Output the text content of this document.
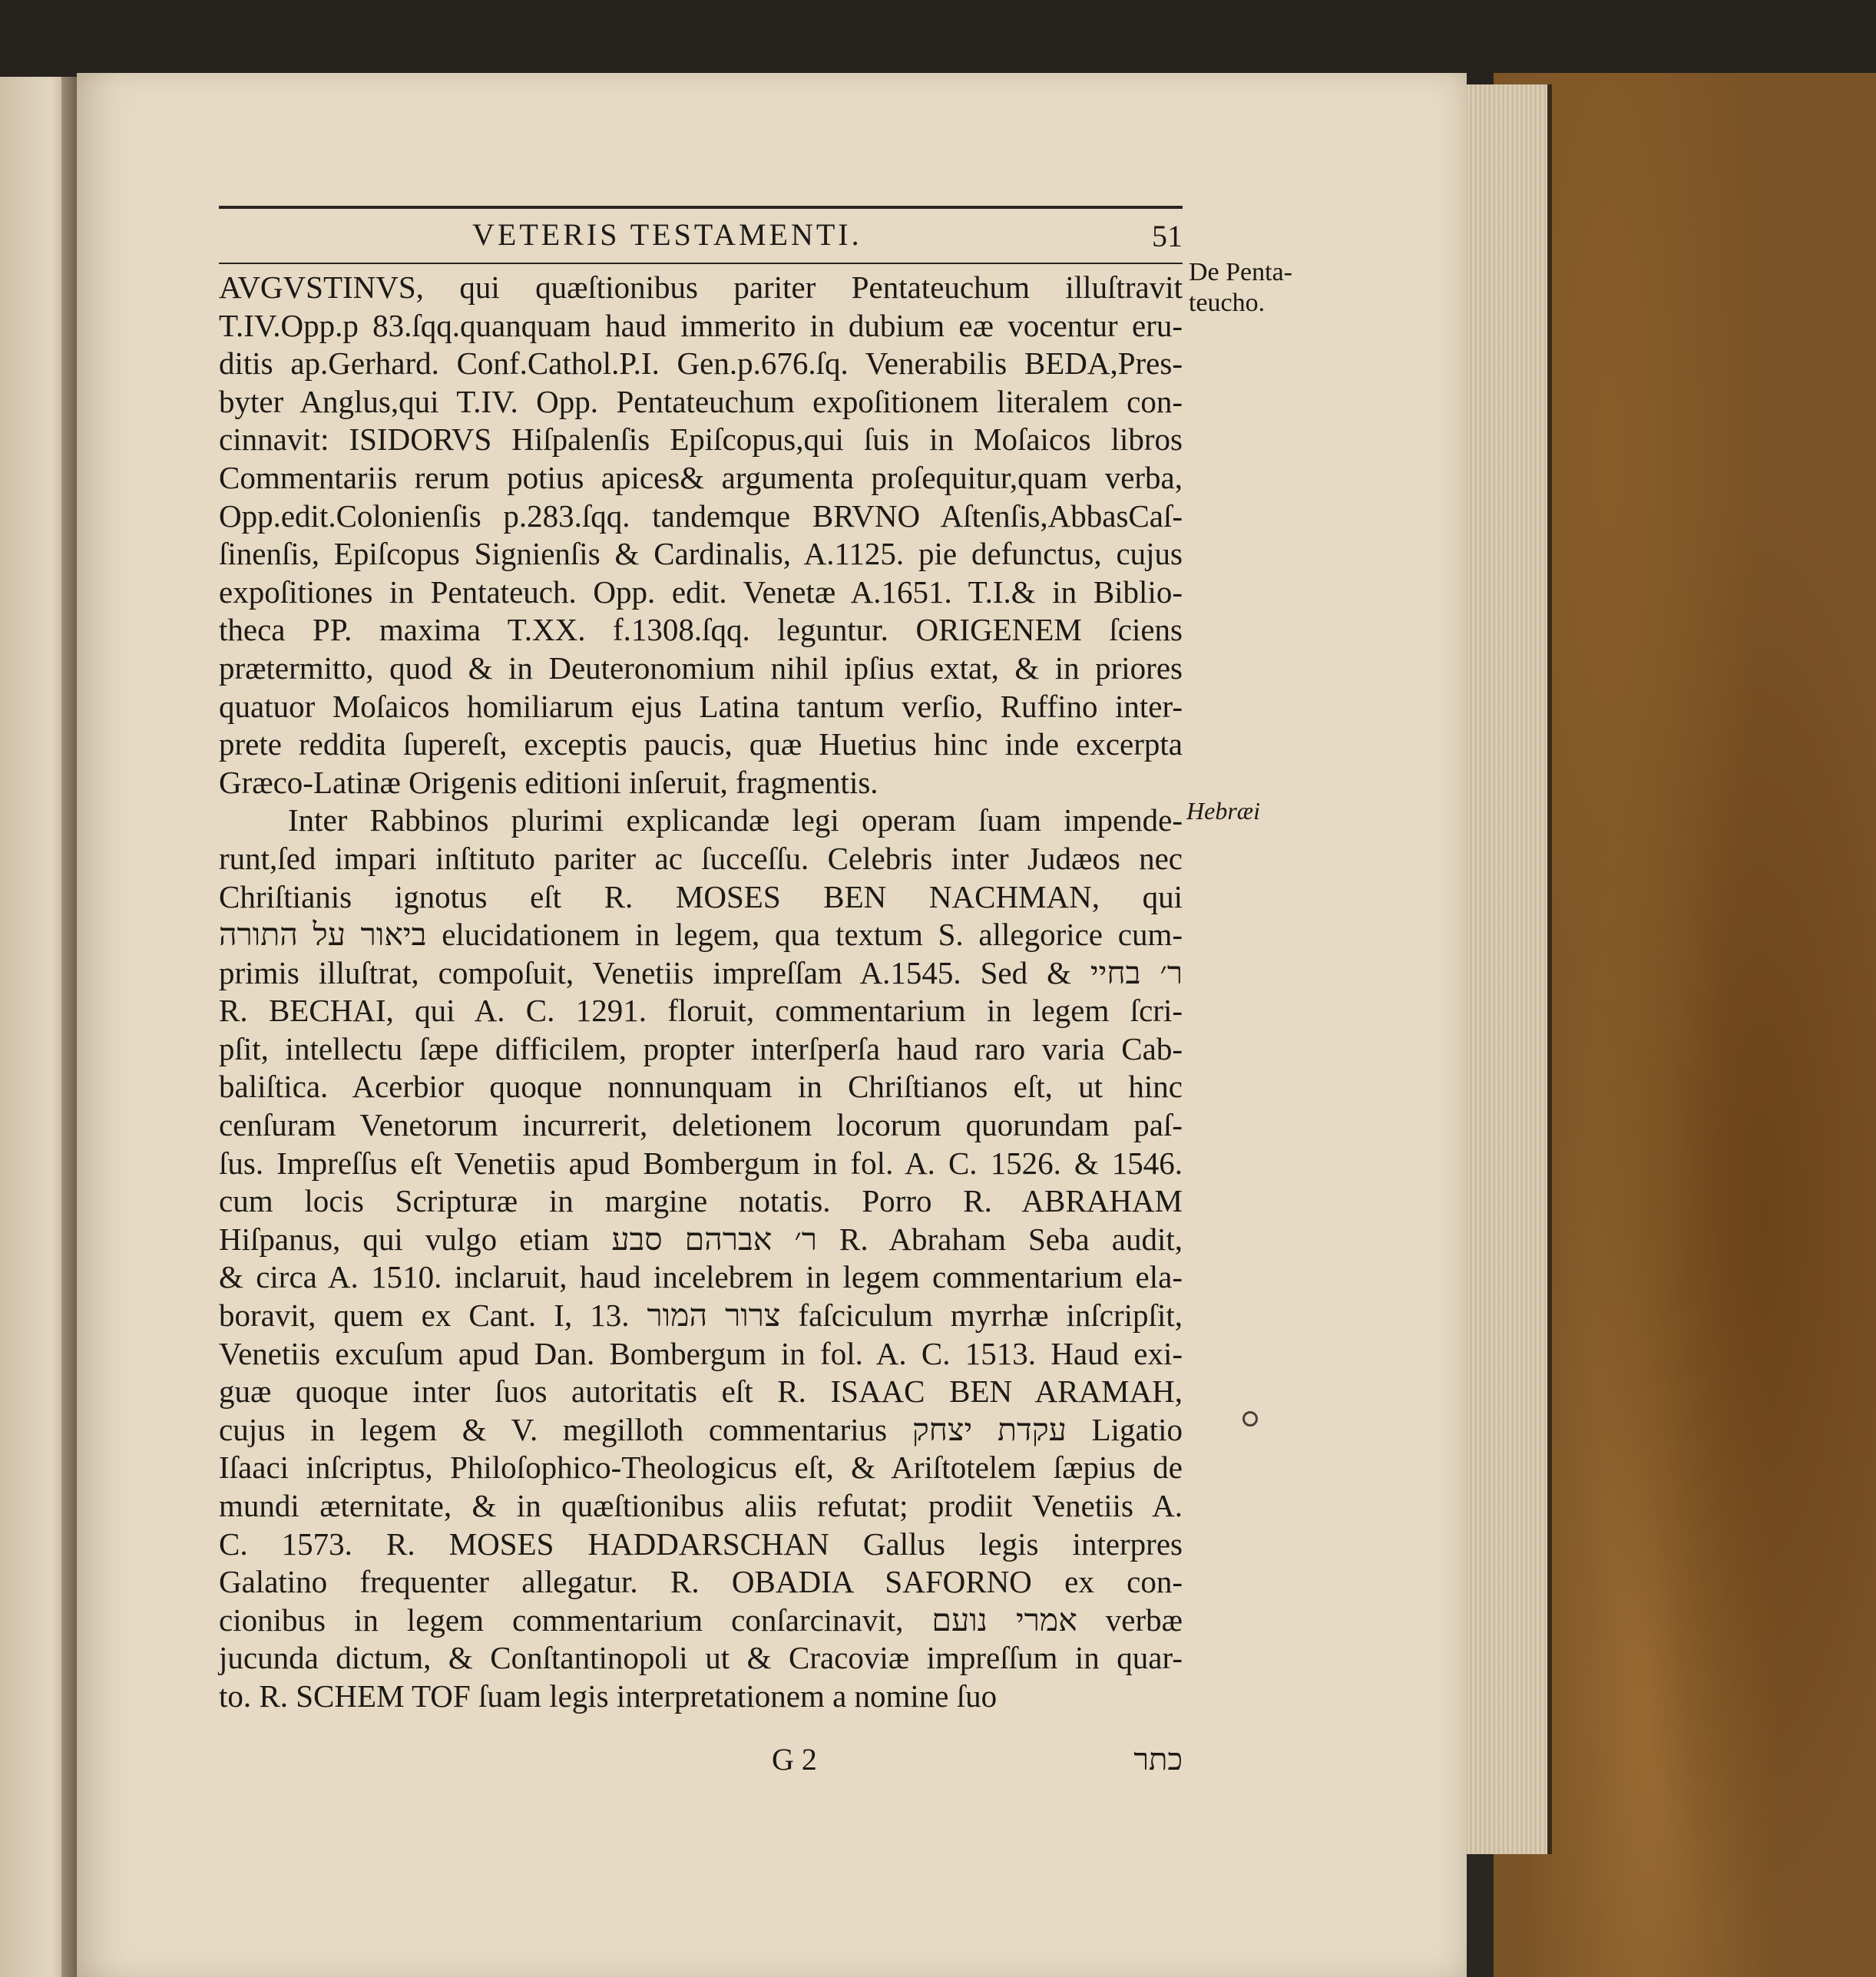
VETERIS TESTAMENTI.	51
De Penta-
teucho.
Hebræi
AVGVSTINVS, qui quæſtionibus pariter Pentateuchum illuſtravit
T.IV.Opp.p 83.ſqq.quanquam haud immerito in dubium eæ vocentur eru-
ditis ap.Gerhard. Conf.Cathol.P.I. Gen.p.676.ſq. Venerabilis BEDA,Pres-
byter Anglus,qui T.IV. Opp. Pentateuchum expoſitionem literalem con-
cinnavit: ISIDORVS Hiſpalenſis Epiſcopus,qui ſuis in Moſaicos libros
Commentariis rerum potius apices& argumenta proſequitur,quam verba,
Opp.edit.Colonienſis p.283.ſqq. tandemque BRVNO Aſtenſis,AbbasCaſ-
ſinenſis, Epiſcopus Signienſis & Cardinalis, A.1125. pie defunctus, cujus
expoſitiones in Pentateuch. Opp. edit. Venetæ A.1651. T.I.& in Biblio-
theca PP. maxima T.XX. f.1308.ſqq. leguntur. ORIGENEM ſciens
prætermitto, quod & in Deuteronomium nihil ipſius extat, & in priores
quatuor Moſaicos homiliarum ejus Latina tantum verſio, Ruffino inter-
prete reddita ſupereſt, exceptis paucis, quæ Huetius hinc inde excerpta
Græco-Latinæ Origenis editioni inſeruit, fragmentis.
Inter Rabbinos plurimi explicandæ legi operam ſuam impende-
runt,ſed impari inſtituto pariter ac ſucceſſu. Celebris inter Judæos nec
Chriſtianis ignotus eſt R. MOSES BEN NACHMAN, qui
ביאור על התורה elucidationem in legem, qua textum S. allegorice cum-
primis illuſtrat, compoſuit, Venetiis impreſſam A.1545. Sed & ר׳ בחיי
R. BECHAI, qui A. C. 1291. floruit, commentarium in legem ſcri-
pſit, intellectu ſæpe difficilem, propter interſperſa haud raro varia Cab-
baliſtica. Acerbior quoque nonnunquam in Chriſtianos eſt, ut hinc
cenſuram Venetorum incurrerit, deletionem locorum quorundam paſ-
ſus. Impreſſus eſt Venetiis apud Bombergum in fol. A. C. 1526. & 1546.
cum locis Scripturæ in margine notatis. Porro R. ABRAHAM
Hiſpanus, qui vulgo etiam ר׳ אברהם סבע R. Abraham Seba audit,
& circa A. 1510. inclaruit, haud incelebrem in legem commentarium ela-
boravit, quem ex Cant. I, 13. צרור המור faſciculum myrrhæ inſcripſit,
Venetiis excuſum apud Dan. Bombergum in fol. A. C. 1513. Haud exi-
guæ quoque inter ſuos autoritatis eſt R. ISAAC BEN ARAMAH,
cujus in legem & V. megilloth commentarius עקדת יצחק Ligatio
Iſaaci inſcriptus, Philoſophico-Theologicus eſt, & Ariſtotelem ſæpius de
mundi æternitate, & in quæſtionibus aliis refutat; prodiit Venetiis A.
C. 1573. R. MOSES HADDARSCHAN Gallus legis interpres
Galatino frequenter allegatur. R. OBADIA SAFORNO ex con-
cionibus in legem commentarium conſarcinavit, אמרי נועם verbæ
jucunda dictum, & Conſtantinopoli ut & Cracoviæ impreſſum in quar-
to. R. SCHEM TOF ſuam legis interpretationem a nomine ſuo
G 2	כתר
